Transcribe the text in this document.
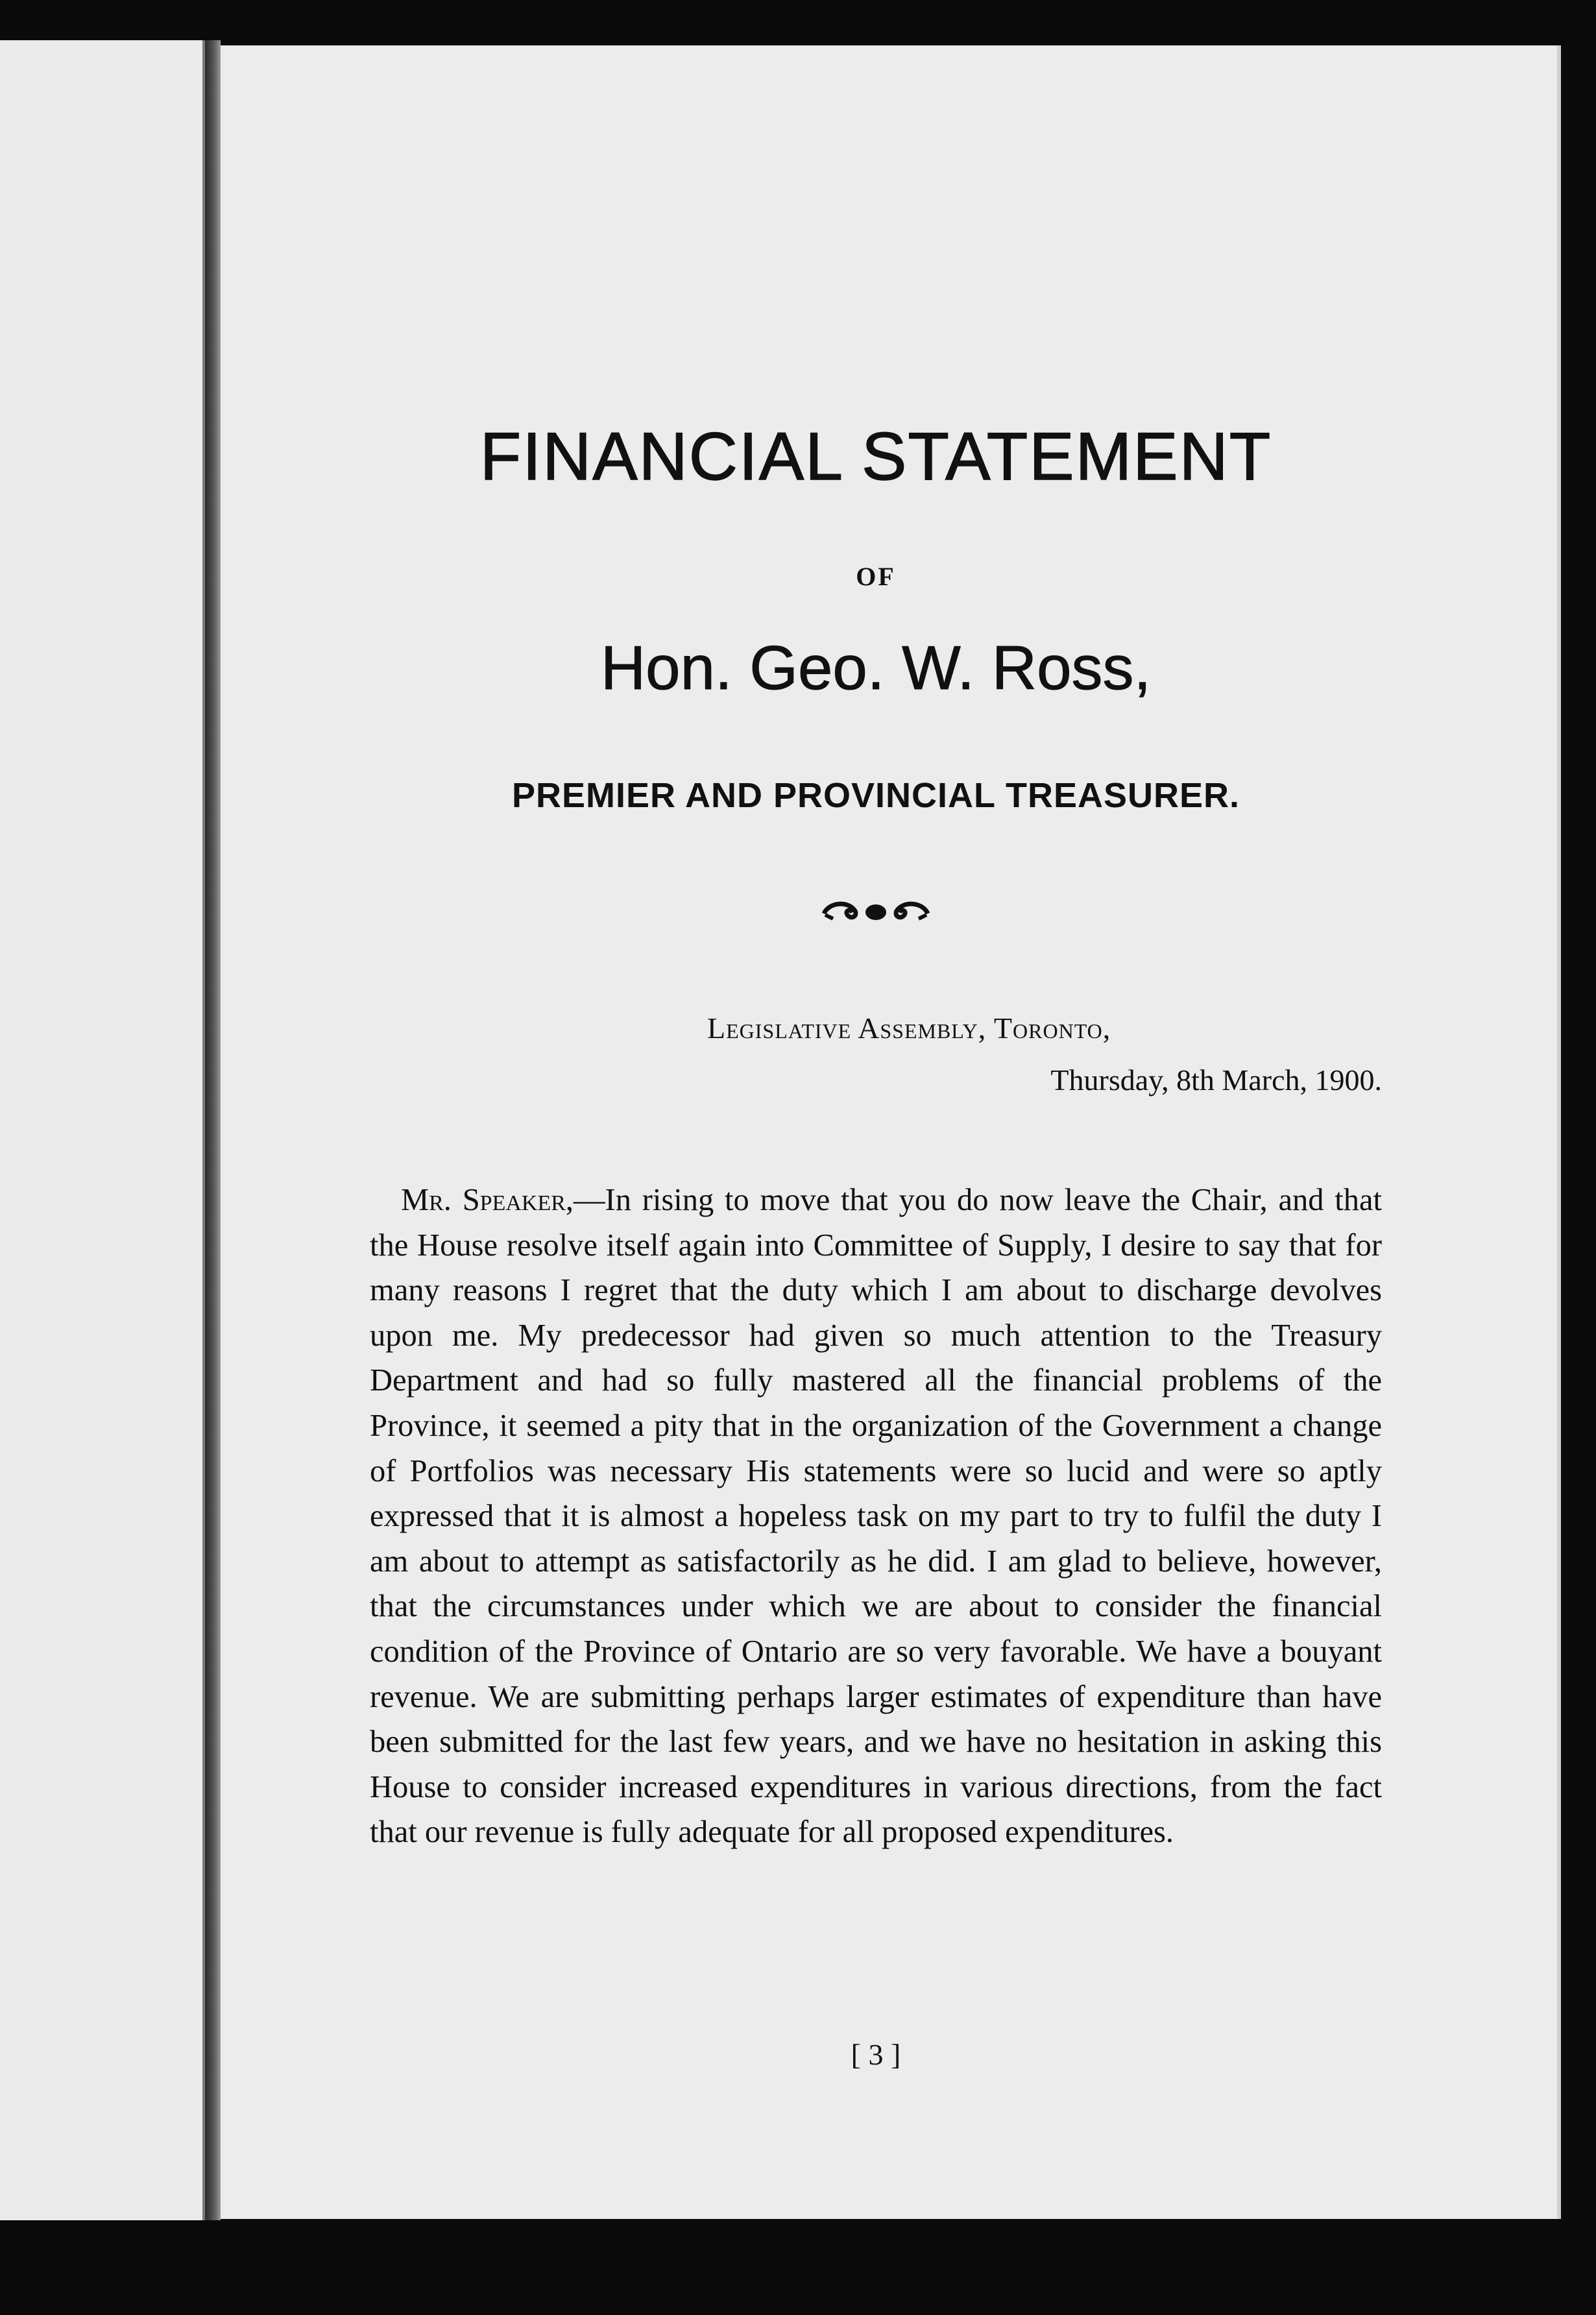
FINANCIAL STATEMENT
OF
Hon. Geo. W. Ross,
PREMIER AND PROVINCIAL TREASURER.
Legislative Assembly, Toronto,
Thursday, 8th March, 1900.

Mr. Speaker,—In rising to move that you do now leave the Chair, and that the House resolve itself again into Committee of Supply, I desire to say that for many reasons I regret that the duty which I am about to discharge devolves upon me. My predecessor had given so much attention to the Treasury Department and had so fully mastered all the financial problems of the Province, it seemed a pity that in the organization of the Government a change of Portfolios was necessary His statements were so lucid and were so aptly expressed that it is almost a hopeless task on my part to try to fulfil the duty I am about to attempt as satisfactorily as he did. I am glad to believe, however, that the circumstances under which we are about to consider the financial condition of the Province of Ontario are so very favorable. We have a bouyant revenue. We are submitting perhaps larger estimates of expenditure than have been submitted for the last few years, and we have no hesitation in asking this House to consider increased expenditures in various directions, from the fact that our revenue is fully adequate for all proposed expenditures.

[ 3 ]
